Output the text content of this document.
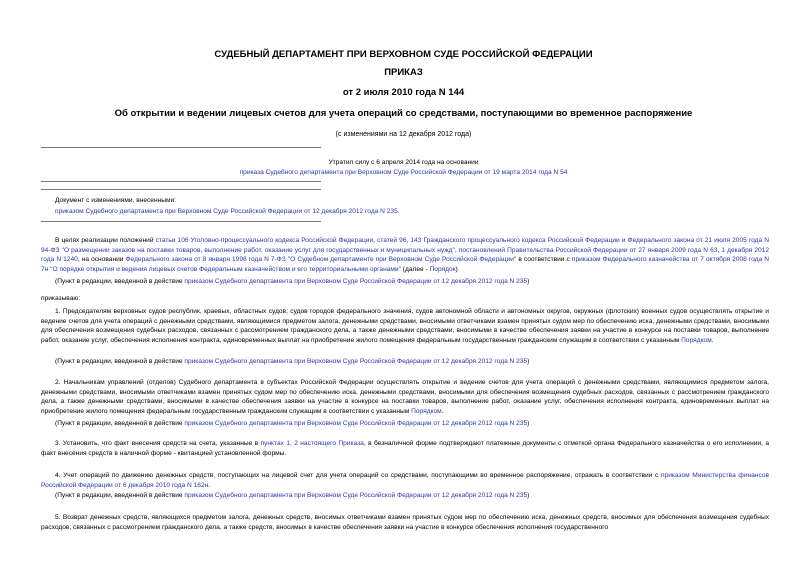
СУДЕБНЫЙ ДЕПАРТАМЕНТ ПРИ ВЕРХОВНОМ СУДЕ РОССИЙСКОЙ ФЕДЕРАЦИИ
ПРИКАЗ
от 2 июля 2010 года N 144
Об открытии и ведении лицевых счетов для учета операций со средствами, поступающими во временное распоряжение
(с изменениями на 12 декабря 2012 года)
Утратил силу с 6 апреля 2014 года на основании
приказа Судебного департамента при Верховном Суде Российской Федерации от 19 марта 2014 года N 54
Документ с изменениями, внесенными:
приказом Судебного департамента при Верховном Суде Российской Федерации от 12 декабря 2012 года N 235.
В целях реализации положений статьи 106 Уголовно-процессуального кодекса Российской Федерации, статей 96, 143 Гражданского процессуального кодекса Российской Федерации и Федерального закона от 21 июля 2005 года N 94-ФЗ "О размещении заказов на поставки товаров, выполнение работ, оказание услуг для государственных и муниципальных нужд", постановлений Правительства Российской Федерации от 27 января 2009 года N 63, 1 декабря 2012 года N 1240, на основании Федерального закона от 8 января 1998 года N 7-ФЗ "О Судебном департаменте при Верховном Суде Российской Федерации" в соответствии с приказом Федерального казначейства от 7 октября 2008 года N 7н "О порядке открытия и ведения лицевых счетов Федеральным казначейством и его территориальными органами" (далее - Порядок)
(Пункт в редакции, введенной в действие приказом Судебного департамента при Верховном Суде Российской Федерации от 12 декабря 2012 года N 235)
приказываю:
1. Председателям верховных судов республик, краевых, областных судов, судов городов федерального значения, судов автономной области и автономных округов, окружных (флотских) военных судов осуществлять открытие и ведение счетов для учета операций с денежными средствами, являющимися предметом залога, денежными средствами, вносимыми ответчиками взамен принятых судом мер по обеспечению иска, денежными средствами, вносимыми для обеспечения возмещения судебных расходов, связанных с рассмотрением гражданского дела, а также денежными средствами, вносимыми в качестве обеспечения заявки на участие в конкурсе на поставки товаров, выполнение работ, оказание услуг, обеспечения исполнения контракта, единовременных выплат на приобретение жилого помещения федеральным государственным гражданским служащим в соответствии с указанным Порядком.
(Пункт в редакции, введенной в действие приказом Судебного департамента при Верховном Суде Российской Федерации от 12 декабря 2012 года N 235)
2. Начальникам управлений (отделов) Судебного департамента в субъектах Российской Федерации осуществлять открытие и ведение счетов для учета операций с денежными средствами, являющимися предметом залога, денежными средствами, вносимыми ответчиками взамен принятых судом мер по обеспечению иска, денежными средствами, вносимыми для обеспечения возмещения судебных расходов, связанных с рассмотрением гражданского дела, а также денежными средствами, вносимыми в качестве обеспечения заявки на участие в конкурсе на поставки товаров, выполнение работ, оказание услуг, обеспечения исполнения контракта, единовременных выплат на приобретение жилого помещения федеральным государственным гражданским служащим в соответствии с указанным Порядком.
(Пункт в редакции, введенной в действие приказом Судебного департамента при Верховном Суде Российской Федерации от 12 декабря 2012 года N 235)
3. Установить, что факт внесения средств на счета, указанные в пунктах 1, 2 настоящего Приказа, в безналичной форме подтверждают платежные документы с отметкой органа Федерального казначейства о его исполнении, а факт внесения средств в наличной форме - квитанцией установленной формы.
4. Учет операций по движению денежных средств, поступающих на лицевой счет для учета операций со средствами, поступающими во временное распоряжение, отражать в соответствии с приказом Министерства финансов Российской Федерации от 6 декабря 2010 года N 162н.
(Пункт в редакции, введенной в действие приказом Судебного департамента при Верховном Суде Российской Федерации от 12 декабря 2012 года N 235)
5. Возврат денежных средств, являющихся предметом залога, денежных средств, вносимых ответчиками взамен принятых судом мер по обеспечению иска, денежных средств, вносимых для обеспечения возмещения судебных расходов, связанных с рассмотрением гражданского дела, а также средств, вносимых в качестве обеспечения заявки на участие в конкурсе обеспечения исполнения государственного
